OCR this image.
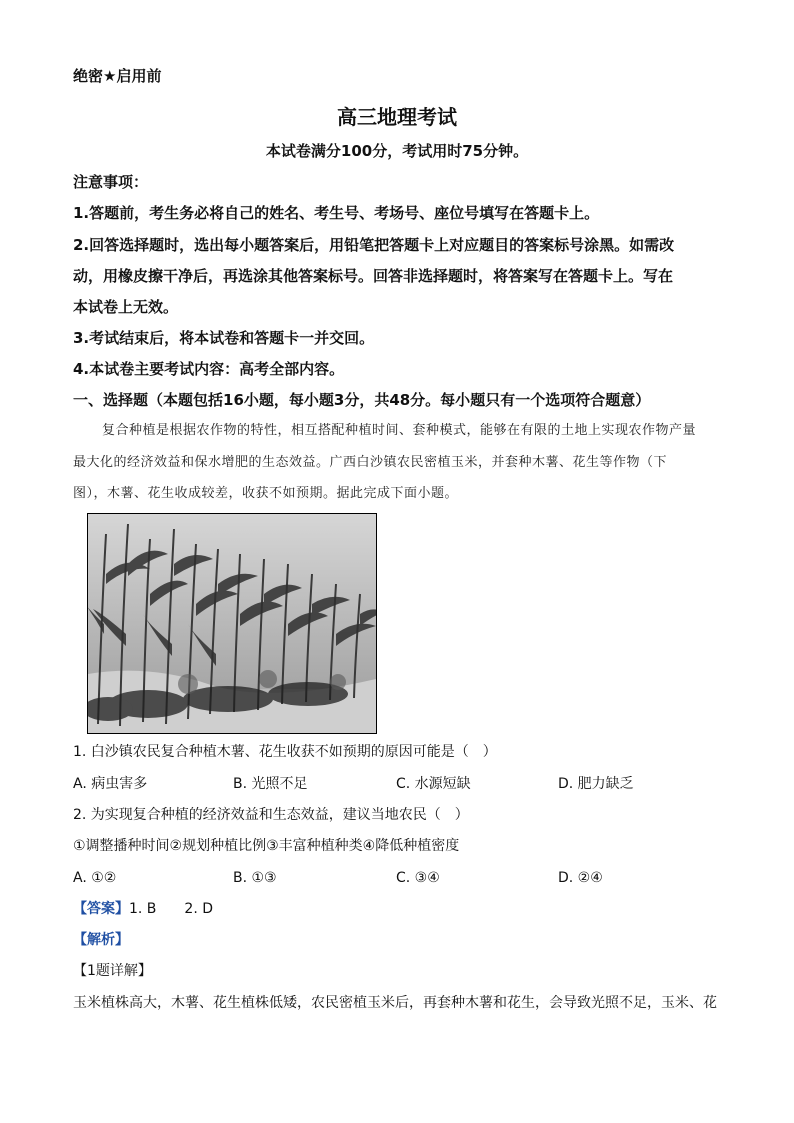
绝密★启用前
高三地理考试
本试卷满分100分，考试用时75分钟。
注意事项：
1.答题前，考生务必将自己的姓名、考生号、考场号、座位号填写在答题卡上。
2.回答选择题时，选出每小题答案后，用铅笔把答题卡上对应题目的答案标号涂黑。如需改
动，用橡皮擦干净后，再选涂其他答案标号。回答非选择题时，将答案写在答题卡上。写在
本试卷上无效。
3.考试结束后，将本试卷和答题卡一并交回。
4.本试卷主要考试内容：高考全部内容。
一、选择题（本题包括16小题，每小题3分，共48分。每小题只有一个选项符合题意）
复合种植是根据农作物的特性，相互搭配种植时间、套种模式，能够在有限的土地上实现农作物产量
最大化的经济效益和保水增肥的生态效益。广西白沙镇农民密植玉米，并套种木薯、花生等作物（下
图），木薯、花生收成较差，收获不如预期。据此完成下面小题。
1. 白沙镇农民复合种植木薯、花生收获不如预期的原因可能是（　）
A. 病虫害多	B. 光照不足	C. 水源短缺	D. 肥力缺乏
2. 为实现复合种植的经济效益和生态效益，建议当地农民（　）
①调整播种时间②规划种植比例③丰富种植种类④降低种植密度
A. ①②	B. ①③	C. ③④	D. ②④
【答案】1. B　　2. D
【解析】
【1题详解】
玉米植株高大，木薯、花生植株低矮，农民密植玉米后，再套种木薯和花生，会导致光照不足，玉米、花
